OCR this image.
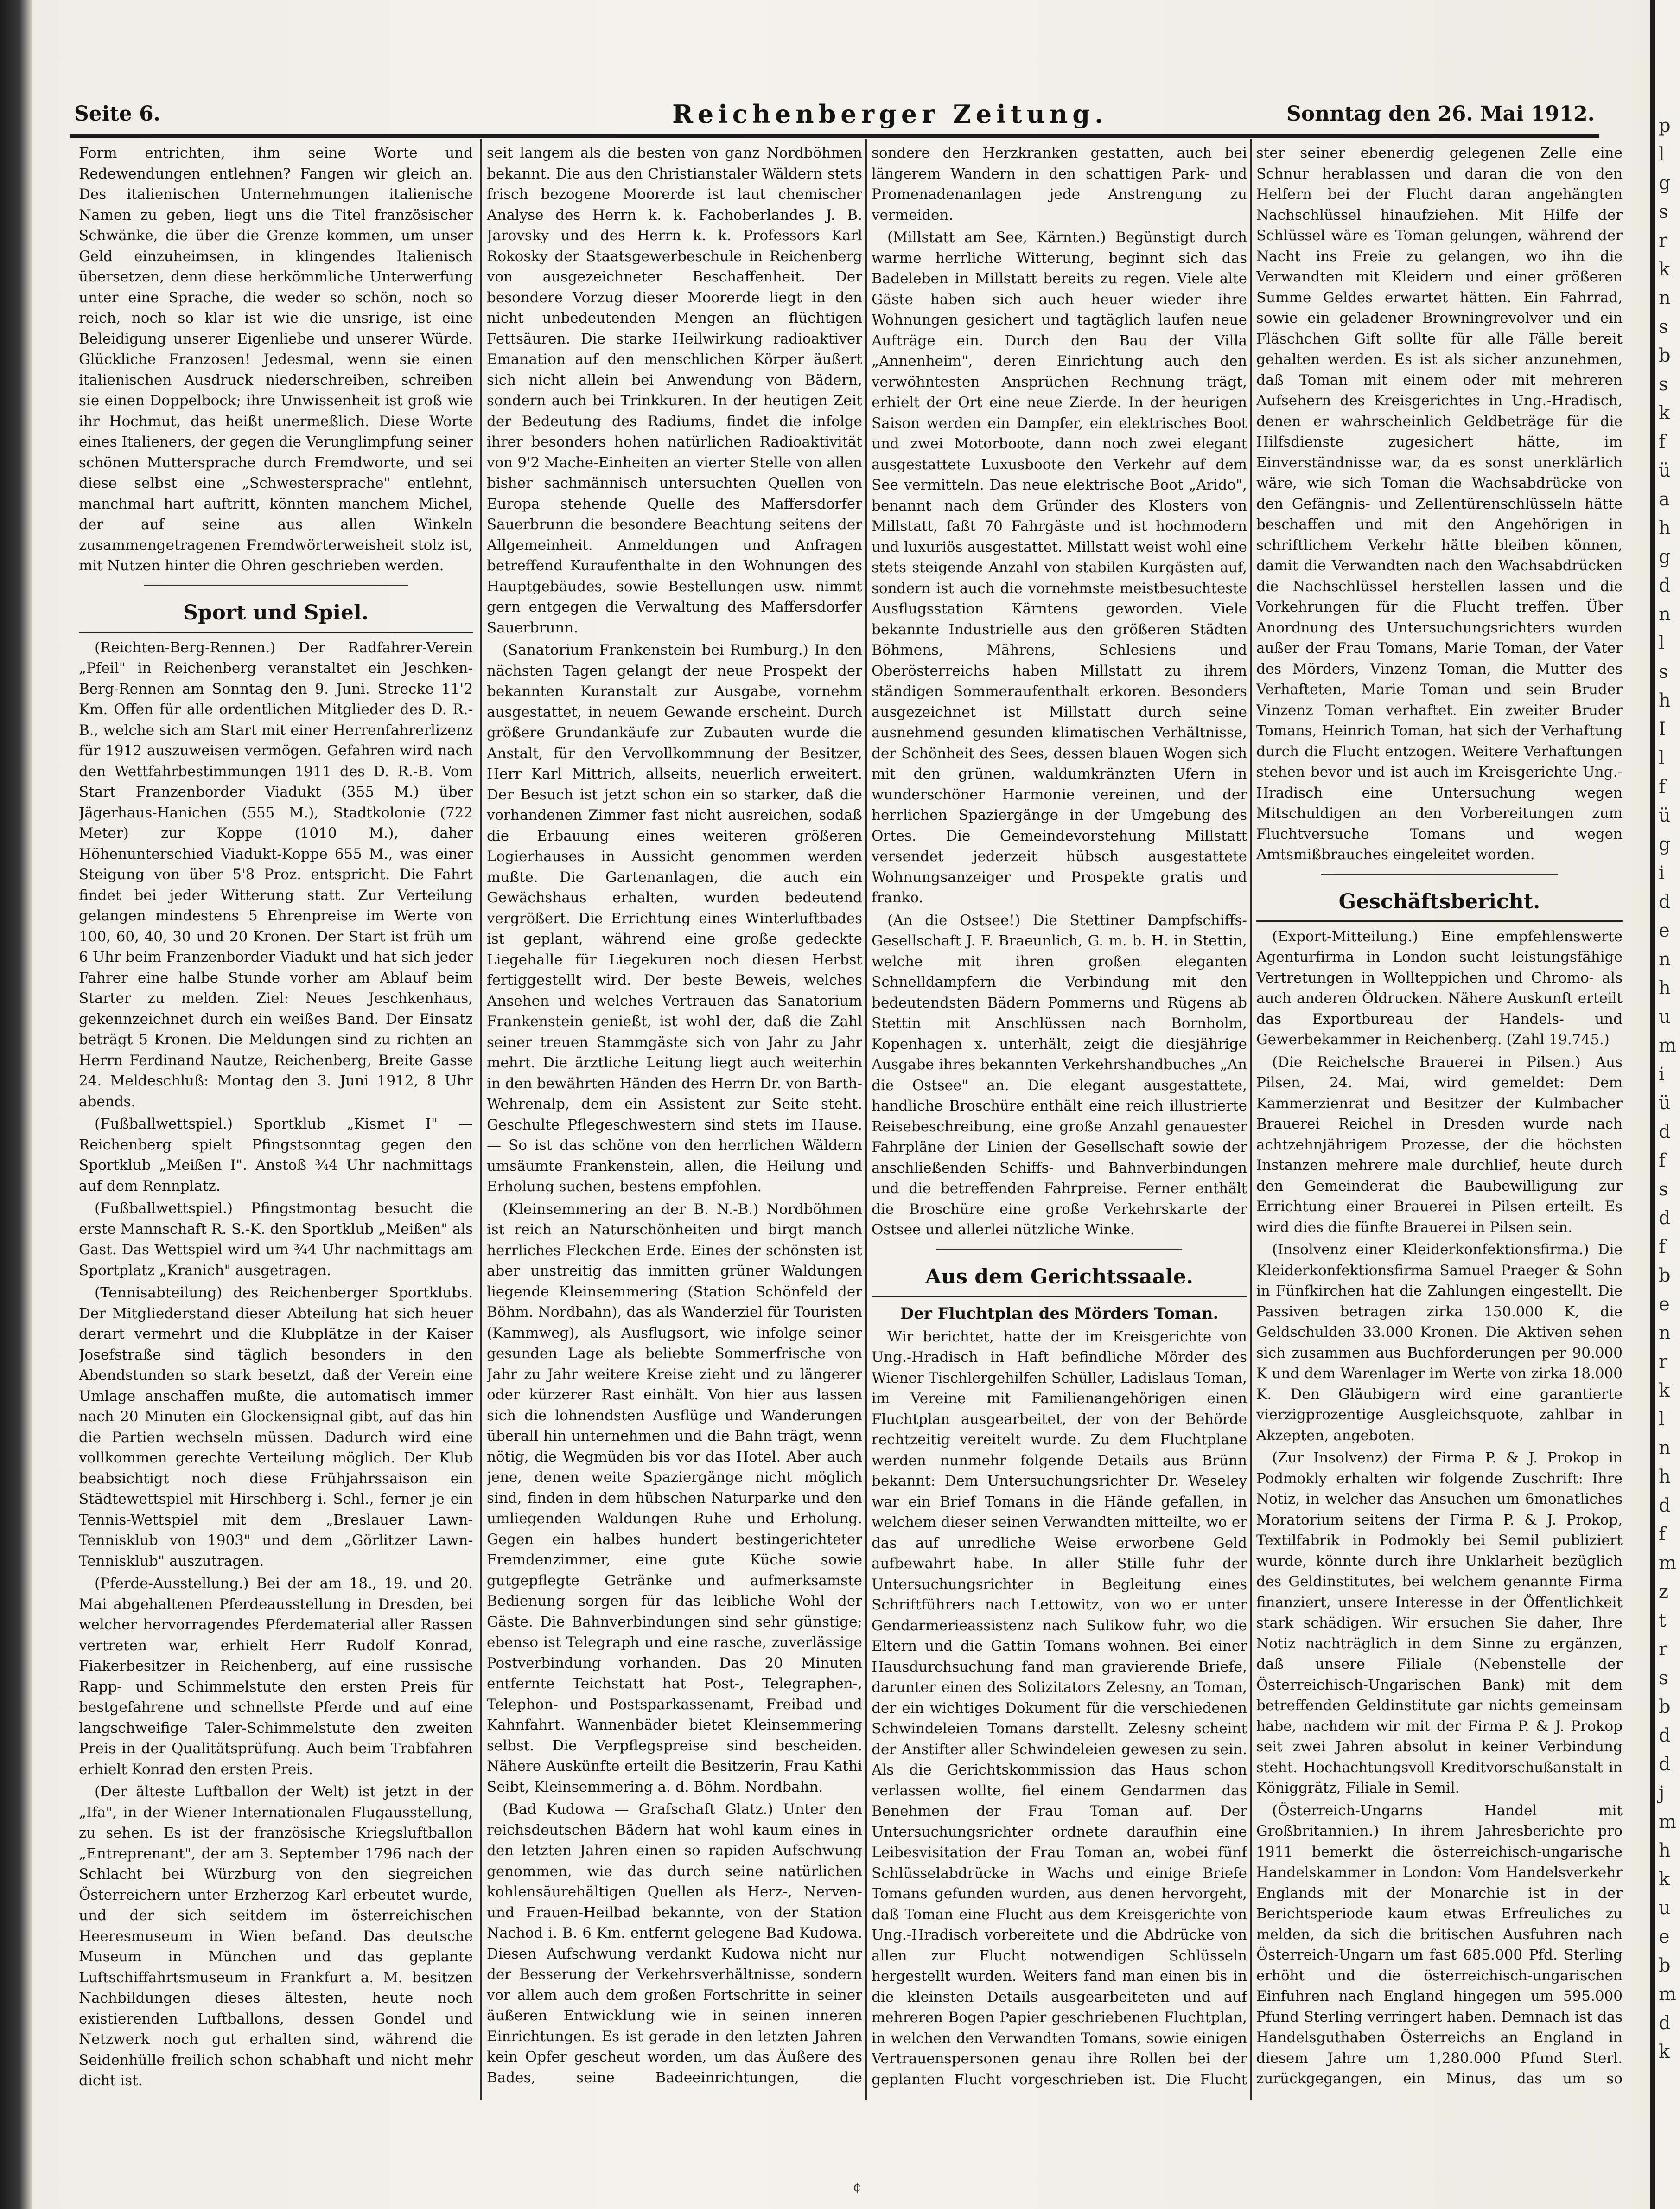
Seite 6.	Reichenberger Zeitung.	Sonntag den 26. Mai 1912.

Form entrichten, ihm seine Worte und Redewendungen entlehnen? Fangen wir gleich an. Des italienischen Unternehmungen italienische Namen zu geben, liegt uns die Titel französischer Schwänke, die über die Grenze kommen, um unser Geld einzuheimsen, in klingendes Italienisch übersetzen, denn diese herkömmliche Unterwerfung unter eine Sprache, die weder so schön, noch so reich, noch so klar ist wie die unsrige, ist eine Beleidigung unserer Eigenliebe und unserer Würde. Glückliche Franzosen! Jedesmal, wenn sie einen italienischen Ausdruck niederschreiben, schreiben sie einen Doppelbock; ihre Unwissenheit ist groß wie ihr Hochmut, das heißt unermeßlich. Diese Worte eines Italieners, der gegen die Verunglimpfung seiner schönen Muttersprache durch Fremdworte, und sei diese selbst eine „Schwestersprache" entlehnt, manchmal hart auftritt, könnten manchem Michel, der auf seine aus allen Winkeln zusammengetragenen Fremdwörterweisheit stolz ist, mit Nutzen hinter die Ohren geschrieben werden.

Sport und Spiel.

(Reichten-Berg-Rennen.) Der Radfahrer-Verein „Pfeil" in Reichenberg veranstaltet ein Jeschken-Berg-Rennen am Sonntag den 9. Juni. Strecke 11'2 Km. Offen für alle ordentlichen Mitglieder des D. R.-B., welche sich am Start mit einer Herrenfahrerlizenz für 1912 auszuweisen vermögen. Gefahren wird nach den Wettfahrbestimmungen 1911 des D. R.-B. Vom Start Franzenborder Viadukt (355 M.) über Jägerhaus-Hanichen (555 M.), Stadtkolonie (722 Meter) zur Koppe (1010 M.), daher Höhenunterschied Viadukt-Koppe 655 M., was einer Steigung von über 5'8 Proz. entspricht. Die Fahrt findet bei jeder Witterung statt. Zur Verteilung gelangen mindestens 5 Ehrenpreise im Werte von 100, 60, 40, 30 und 20 Kronen. Der Start ist früh um 6 Uhr beim Franzenborder Viadukt und hat sich jeder Fahrer eine halbe Stunde vorher am Ablauf beim Starter zu melden. Ziel: Neues Jeschkenhaus, gekennzeichnet durch ein weißes Band. Der Einsatz beträgt 5 Kronen. Die Meldungen sind zu richten an Herrn Ferdinand Nautze, Reichenberg, Breite Gasse 24. Meldeschluß: Montag den 3. Juni 1912, 8 Uhr abends.

(Fußballwettspiel.) Sportklub „Kismet I" — Reichenberg spielt Pfingstsonntag gegen den Sportklub „Meißen I". Anstoß ¾4 Uhr nachmittags auf dem Rennplatz.

(Fußballwettspiel.) Pfingstmontag besucht die erste Mannschaft R. S.-K. den Sportklub „Meißen" als Gast. Das Wettspiel wird um ¾4 Uhr nachmittags am Sportplatz „Kranich" ausgetragen.

(Tennisabteilung) des Reichenberger Sportklubs. Der Mitgliederstand dieser Abteilung hat sich heuer derart vermehrt und die Klubplätze in der Kaiser Josefstraße sind täglich besonders in den Abendstunden so stark besetzt, daß der Verein eine Umlage anschaffen mußte, die automatisch immer nach 20 Minuten ein Glockensignal gibt, auf das hin die Partien wechseln müssen. Dadurch wird eine vollkommen gerechte Verteilung möglich. Der Klub beabsichtigt noch diese Frühjahrssaison ein Städtewettspiel mit Hirschberg i. Schl., ferner je ein Tennis-Wettspiel mit dem „Breslauer Lawn-Tennisklub von 1903" und dem „Görlitzer Lawn-Tennisklub" auszutragen.

(Pferde-Ausstellung.) Bei der am 18., 19. und 20. Mai abgehaltenen Pferdeausstellung in Dresden, bei welcher hervorragendes Pferdematerial aller Rassen vertreten war, erhielt Herr Rudolf Konrad, Fiakerbesitzer in Reichenberg, auf eine russische Rapp- und Schimmelstute den ersten Preis für bestgefahrene und schnellste Pferde und auf eine langschweifige Taler-Schimmelstute den zweiten Preis in der Qualitätsprüfung. Auch beim Trabfahren erhielt Konrad den ersten Preis.

(Der älteste Luftballon der Welt) ist jetzt in der „Ifa", in der Wiener Internationalen Flugausstellung, zu sehen. Es ist der französische Kriegsluftballon „Entreprenant", der am 3. September 1796 nach der Schlacht bei Würzburg von den siegreichen Österreichern unter Erzherzog Karl erbeutet wurde, und der sich seitdem im österreichischen Heeresmuseum in Wien befand. Das deutsche Museum in München und das geplante Luftschiffahrtsmuseum in Frankfurt a. M. besitzen Nachbildungen dieses ältesten, heute noch existierenden Luftballons, dessen Gondel und Netzwerk noch gut erhalten sind, während die Seidenhülle freilich schon schabhaft und nicht mehr dicht ist.

seit langem als die besten von ganz Nordböhmen bekannt. Die aus den Christianstaler Wäldern stets frisch bezogene Moorerde ist laut chemischer Analyse des Herrn k. k. Fachoberlandes J. B. Jarovsky und des Herrn k. k. Professors Karl Rokosky der Staatsgewerbeschule in Reichenberg von ausgezeichneter Beschaffenheit. Der besondere Vorzug dieser Moorerde liegt in den nicht unbedeutenden Mengen an flüchtigen Fettsäuren. Die starke Heilwirkung radioaktiver Emanation auf den menschlichen Körper äußert sich nicht allein bei Anwendung von Bädern, sondern auch bei Trinkkuren. In der heutigen Zeit der Bedeutung des Radiums, findet die infolge ihrer besonders hohen natürlichen Radioaktivität von 9'2 Mache-Einheiten an vierter Stelle von allen bisher sachmännisch untersuchten Quellen von Europa stehende Quelle des Maffersdorfer Sauerbrunn die besondere Beachtung seitens der Allgemeinheit. Anmeldungen und Anfragen betreffend Kuraufenthalte in den Wohnungen des Hauptgebäudes, sowie Bestellungen usw. nimmt gern entgegen die Verwaltung des Maffersdorfer Sauerbrunn.

(Sanatorium Frankenstein bei Rumburg.) In den nächsten Tagen gelangt der neue Prospekt der bekannten Kuranstalt zur Ausgabe, vornehm ausgestattet, in neuem Gewande erscheint. Durch größere Grundankäufe zur Zubauten wurde die Anstalt, für den Vervollkommnung der Besitzer, Herr Karl Mittrich, allseits, neuerlich erweitert. Der Besuch ist jetzt schon ein so starker, daß die vorhandenen Zimmer fast nicht ausreichen, sodaß die Erbauung eines weiteren größeren Logierhauses in Aussicht genommen werden mußte. Die Gartenanlagen, die auch ein Gewächshaus erhalten, wurden bedeutend vergrößert. Die Errichtung eines Winterluftbades ist geplant, während eine große gedeckte Liegehalle für Liegekuren noch diesen Herbst fertiggestellt wird. Der beste Beweis, welches Ansehen und welches Vertrauen das Sanatorium Frankenstein genießt, ist wohl der, daß die Zahl seiner treuen Stammgäste sich von Jahr zu Jahr mehrt. Die ärztliche Leitung liegt auch weiterhin in den bewährten Händen des Herrn Dr. von Barth-Wehrenalp, dem ein Assistent zur Seite steht. Geschulte Pflegeschwestern sind stets im Hause. — So ist das schöne von den herrlichen Wäldern umsäumte Frankenstein, allen, die Heilung und Erholung suchen, bestens empfohlen.

(Kleinsemmering an der B. N.-B.) Nordböhmen ist reich an Naturschönheiten und birgt manch herrliches Fleckchen Erde. Eines der schönsten ist aber unstreitig das inmitten grüner Waldungen liegende Kleinsemmering (Station Schönfeld der Böhm. Nordbahn), das als Wanderziel für Touristen (Kammweg), als Ausflugsort, wie infolge seiner gesunden Lage als beliebte Sommerfrische von Jahr zu Jahr weitere Kreise zieht und zu längerer oder kürzerer Rast einhält. Von hier aus lassen sich die lohnendsten Ausflüge und Wanderungen überall hin unternehmen und die Bahn trägt, wenn nötig, die Wegmüden bis vor das Hotel. Aber auch jene, denen weite Spaziergänge nicht möglich sind, finden in dem hübschen Naturparke und den umliegenden Waldungen Ruhe und Erholung. Gegen ein halbes hundert bestingerichteter Fremdenzimmer, eine gute Küche sowie gutgepflegte Getränke und aufmerksamste Bedienung sorgen für das leibliche Wohl der Gäste. Die Bahnverbindungen sind sehr günstige; ebenso ist Telegraph und eine rasche, zuverlässige Postverbindung vorhanden. Das 20 Minuten entfernte Teichstatt hat Post-, Telegraphen-, Telephon- und Postsparkassenamt, Freibad und Kahnfahrt. Wannenbäder bietet Kleinsemmering selbst. Die Verpflegspreise sind bescheiden. Nähere Auskünfte erteilt die Besitzerin, Frau Kathi Seibt, Kleinsemmering a. d. Böhm. Nordbahn.

(Bad Kudowa — Grafschaft Glatz.) Unter den reichsdeutschen Bädern hat wohl kaum eines in den letzten Jahren einen so rapiden Aufschwung genommen, wie das durch seine natürlichen kohlensäurehältigen Quellen als Herz-, Nerven- und Frauen-Heilbad bekannte, von der Station Nachod i. B. 6 Km. entfernt gelegene Bad Kudowa. Diesen Aufschwung verdankt Kudowa nicht nur der Besserung der Verkehrsverhältnisse, sondern vor allem auch dem großen Fortschritte in seiner äußeren Entwicklung wie in seinen inneren Einrichtungen. Es ist gerade in den letzten Jahren kein Opfer gescheut worden, um das Äußere des Bades, seine Badeeinrichtungen, die

sondere den Herzkranken gestatten, auch bei längerem Wandern in den schattigen Park- und Promenadenanlagen jede Anstrengung zu vermeiden.

(Millstatt am See, Kärnten.) Begünstigt durch warme herrliche Witterung, beginnt sich das Badeleben in Millstatt bereits zu regen. Viele alte Gäste haben sich auch heuer wieder ihre Wohnungen gesichert und tagtäglich laufen neue Aufträge ein. Durch den Bau der Villa „Annenheim", deren Einrichtung auch den verwöhntesten Ansprüchen Rechnung trägt, erhielt der Ort eine neue Zierde. In der heurigen Saison werden ein Dampfer, ein elektrisches Boot und zwei Motorboote, dann noch zwei elegant ausgestattete Luxusboote den Verkehr auf dem See vermitteln. Das neue elektrische Boot „Arido", benannt nach dem Gründer des Klosters von Millstatt, faßt 70 Fahrgäste und ist hochmodern und luxuriös ausgestattet. Millstatt weist wohl eine stets steigende Anzahl von stabilen Kurgästen auf, sondern ist auch die vornehmste meistbesuchteste Ausflugsstation Kärntens geworden. Viele bekannte Industrielle aus den größeren Städten Böhmens, Mährens, Schlesiens und Oberösterreichs haben Millstatt zu ihrem ständigen Sommeraufenthalt erkoren. Besonders ausgezeichnet ist Millstatt durch seine ausnehmend gesunden klimatischen Verhältnisse, der Schönheit des Sees, dessen blauen Wogen sich mit den grünen, waldumkränzten Ufern in wunderschöner Harmonie vereinen, und der herrlichen Spaziergänge in der Umgebung des Ortes. Die Gemeindevorstehung Millstatt versendet jederzeit hübsch ausgestattete Wohnungsanzeiger und Prospekte gratis und franko.

(An die Ostsee!) Die Stettiner Dampfschiffs-Gesellschaft J. F. Braeunlich, G. m. b. H. in Stettin, welche mit ihren großen eleganten Schnelldampfern die Verbindung mit den bedeutendsten Bädern Pommerns und Rügens ab Stettin mit Anschlüssen nach Bornholm, Kopenhagen x. unterhält, zeigt die diesjährige Ausgabe ihres bekannten Verkehrshandbuches „An die Ostsee" an. Die elegant ausgestattete, handliche Broschüre enthält eine reich illustrierte Reisebeschreibung, eine große Anzahl genauester Fahrpläne der Linien der Gesellschaft sowie der anschließenden Schiffs- und Bahnverbindungen und die betreffenden Fahrpreise. Ferner enthält die Broschüre eine große Verkehrskarte der Ostsee und allerlei nützliche Winke.

Aus dem Gerichtssaale.
Der Fluchtplan des Mörders Toman.

Wir berichtet, hatte der im Kreisgerichte von Ung.-Hradisch in Haft befindliche Mörder des Wiener Tischlergehilfen Schüller, Ladislaus Toman, im Vereine mit Familienangehörigen einen Fluchtplan ausgearbeitet, der von der Behörde rechtzeitig vereitelt wurde. Zu dem Fluchtplane werden nunmehr folgende Details aus Brünn bekannt: Dem Untersuchungsrichter Dr. Weseley war ein Brief Tomans in die Hände gefallen, in welchem dieser seinen Verwandten mitteilte, wo er das auf unredliche Weise erworbene Geld aufbewahrt habe. In aller Stille fuhr der Untersuchungsrichter in Begleitung eines Schriftführers nach Lettowitz, von wo er unter Gendarmerieassistenz nach Sulikow fuhr, wo die Eltern und die Gattin Tomans wohnen. Bei einer Hausdurchsuchung fand man gravierende Briefe, darunter einen des Solizitators Zelesny, an Toman, der ein wichtiges Dokument für die verschiedenen Schwindeleien Tomans darstellt. Zelesny scheint der Anstifter aller Schwindeleien gewesen zu sein. Als die Gerichtskommission das Haus schon verlassen wollte, fiel einem Gendarmen das Benehmen der Frau Toman auf. Der Untersuchungsrichter ordnete daraufhin eine Leibesvisitation der Frau Toman an, wobei fünf Schlüsselabdrücke in Wachs und einige Briefe Tomans gefunden wurden, aus denen hervorgeht, daß Toman eine Flucht aus dem Kreisgerichte von Ung.-Hradisch vorbereitete und die Abdrücke von allen zur Flucht notwendigen Schlüsseln hergestellt wurden. Weiters fand man einen bis in die kleinsten Details ausgearbeiteten und auf mehreren Bogen Papier geschriebenen Fluchtplan, in welchen den Verwandten Tomans, sowie einigen Vertrauenspersonen genau ihre Rollen bei der geplanten Flucht vorgeschrieben ist. Die Flucht

ster seiner ebenerdig gelegenen Zelle eine Schnur herablassen und daran die von den Helfern bei der Flucht daran angehängten Nachschlüssel hinaufziehen. Mit Hilfe der Schlüssel wäre es Toman gelungen, während der Nacht ins Freie zu gelangen, wo ihn die Verwandten mit Kleidern und einer größeren Summe Geldes erwartet hätten. Ein Fahrrad, sowie ein geladener Browningrevolver und ein Fläschchen Gift sollte für alle Fälle bereit gehalten werden. Es ist als sicher anzunehmen, daß Toman mit einem oder mit mehreren Aufsehern des Kreisgerichtes in Ung.-Hradisch, denen er wahrscheinlich Geldbeträge für die Hilfsdienste zugesichert hätte, im Einverständnisse war, da es sonst unerklärlich wäre, wie sich Toman die Wachsabdrücke von den Gefängnis- und Zellentürenschlüsseln hätte beschaffen und mit den Angehörigen in schriftlichem Verkehr hätte bleiben können, damit die Verwandten nach den Wachsabdrücken die Nachschlüssel herstellen lassen und die Vorkehrungen für die Flucht treffen. Über Anordnung des Untersuchungsrichters wurden außer der Frau Tomans, Marie Toman, der Vater des Mörders, Vinzenz Toman, die Mutter des Verhafteten, Marie Toman und sein Bruder Vinzenz Toman verhaftet. Ein zweiter Bruder Tomans, Heinrich Toman, hat sich der Verhaftung durch die Flucht entzogen. Weitere Verhaftungen stehen bevor und ist auch im Kreisgerichte Ung.-Hradisch eine Untersuchung wegen Mitschuldigen an den Vorbereitungen zum Fluchtversuche Tomans und wegen Amtsmißbrauches eingeleitet worden.

Geschäftsbericht.

(Export-Mitteilung.) Eine empfehlenswerte Agenturfirma in London sucht leistungsfähige Vertretungen in Wollteppichen und Chromo- als auch anderen Öldrucken. Nähere Auskunft erteilt das Exportbureau der Handels- und Gewerbekammer in Reichenberg. (Zahl 19.745.)

(Die Reichelsche Brauerei in Pilsen.) Aus Pilsen, 24. Mai, wird gemeldet: Dem Kammerzienrat und Besitzer der Kulmbacher Brauerei Reichel in Dresden wurde nach achtzehnjährigem Prozesse, der die höchsten Instanzen mehrere male durchlief, heute durch den Gemeinderat die Baubewilligung zur Errichtung einer Brauerei in Pilsen erteilt. Es wird dies die fünfte Brauerei in Pilsen sein.

(Insolvenz einer Kleiderkonfektionsfirma.) Die Kleiderkonfektionsfirma Samuel Praeger & Sohn in Fünfkirchen hat die Zahlungen eingestellt. Die Passiven betragen zirka 150.000 K, die Geldschulden 33.000 Kronen. Die Aktiven sehen sich zusammen aus Buchforderungen per 90.000 K und dem Warenlager im Werte von zirka 18.000 K. Den Gläubigern wird eine garantierte vierzigprozentige Ausgleichsquote, zahlbar in Akzepten, angeboten.

(Zur Insolvenz) der Firma P. & J. Prokop in Podmokly erhalten wir folgende Zuschrift: Ihre Notiz, in welcher das Ansuchen um 6monatliches Moratorium seitens der Firma P. & J. Prokop, Textilfabrik in Podmokly bei Semil publiziert wurde, könnte durch ihre Unklarheit bezüglich des Geldinstitutes, bei welchem genannte Firma finanziert, unsere Interesse in der Öffentlichkeit stark schädigen. Wir ersuchen Sie daher, Ihre Notiz nachträglich in dem Sinne zu ergänzen, daß unsere Filiale (Nebenstelle der Österreichisch-Ungarischen Bank) mit dem betreffenden Geldinstitute gar nichts gemeinsam habe, nachdem wir mit der Firma P. & J. Prokop seit zwei Jahren absolut in keiner Verbindung steht. Hochachtungsvoll Kreditvorschußanstalt in Königgrätz, Filiale in Semil.

(Österreich-Ungarns Handel mit Großbritannien.) In ihrem Jahresberichte pro 1911 bemerkt die österreichisch-ungarische Handelskammer in London: Vom Handelsverkehr Englands mit der Monarchie ist in der Berichtsperiode kaum etwas Erfreuliches zu melden, da sich die britischen Ausfuhren nach Österreich-Ungarn um fast 685.000 Pfd. Sterling erhöht und die österreichisch-ungarischen Einfuhren nach England hingegen um 595.000 Pfund Sterling verringert haben. Demnach ist das Handelsguthaben Österreichs an England in diesem Jahre um 1,280.000 Pfund Sterl. zurückgegangen, ein Minus, das um so

p
l
g
s
r
k
n
s
b
s
k
f
ü
a
h
g
d
n
l
s
h
I
l
f
ü
g
i
d
e
n
h
u
m
i
ü
d
f
s
d
f
b
e
n
r
k
l
n
h
d
f
m
z
t
r
s
b
d
d
j
m
h
k
u
e
b
m
d
k
¢
